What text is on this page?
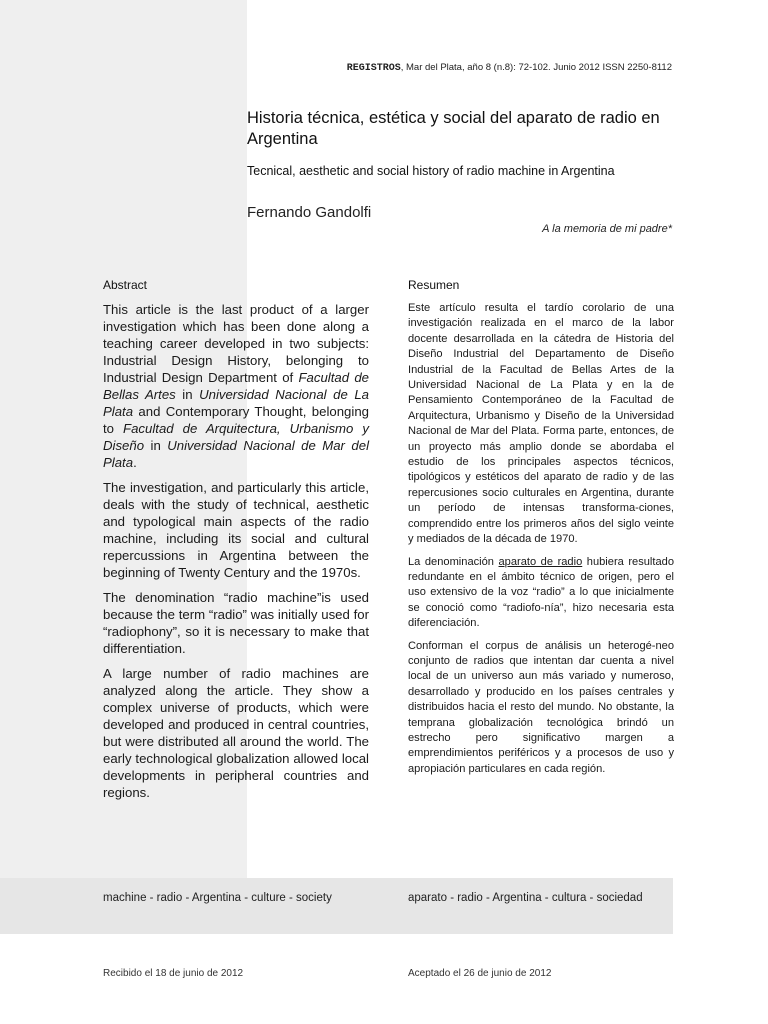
REGISTROS, Mar del Plata, año 8 (n.8): 72-102. Junio 2012 ISSN 2250-8112
Historia técnica, estética y social del aparato de radio en Argentina
Tecnical, aesthetic and social history of radio machine in Argentina
Fernando Gandolfi
A la memoria de mi padre*
Abstract	Resumen

This article is the last product of a larger investigation which has been done along a teaching career developed in two subjects: Industrial Design History, belonging to Industrial Design Department of Facultad de Bellas Artes in Universidad Nacional de La Plata and Contemporary Thought, belonging to Facultad de Arquitectura, Urbanismo y Diseño in Universidad Nacional de Mar del Plata.

The investigation, and particularly this article, deals with the study of technical, aesthetic and typological main aspects of the radio machine, including its social and cultural repercussions in Argentina between the beginning of Twenty Century and the 1970s.

The denomination “radio machine”is used because the term “radio” was initially used for “radiophony”, so it is necessary to make that differentiation.

A large number of radio machines are analyzed along the article. They show a complex universe of products, which were developed and produced in central countries, but were distributed all around the world. The early technological globalization allowed local developments in peripheral countries and regions.

Este artículo resulta el tardío corolario de una investigación realizada en el marco de la labor docente desarrollada en la cátedra de Historia del Diseño Industrial del Departamento de Diseño Industrial de la Facultad de Bellas Artes de la Universidad Nacional de La Plata y en la de Pensamiento Contemporáneo de la Facultad de Arquitectura, Urbanismo y Diseño de la Universidad Nacional de Mar del Plata. Forma parte, entonces, de un proyecto más amplio donde se abordaba el estudio de los principales aspectos técnicos, tipológicos y estéticos del aparato de radio y de las repercusiones socio culturales en Argentina, durante un período de intensas transforma-ciones, comprendido entre los primeros años del siglo veinte y mediados de la década de 1970.

La denominación aparato de radio hubiera resultado redundante en el ámbito técnico de origen, pero el uso extensivo de la voz “radio” a lo que inicialmente se conoció como “radiofo-nía”, hizo necesaria esta diferenciación.

Conforman el corpus de análisis un heterogé-neo conjunto de radios que intentan dar cuenta a nivel local de un universo aun más variado y numeroso, desarrollado y producido en los países centrales y distribuidos hacia el resto del mundo. No obstante, la temprana globalización tecnológica brindó un estrecho pero significativo margen a emprendimientos periféricos y a procesos de uso y apropiación particulares en cada región.

machine - radio - Argentina - culture - society	aparato - radio - Argentina - cultura - sociedad
Recibido el 18 de junio de 2012	Aceptado el 26 de junio de 2012
